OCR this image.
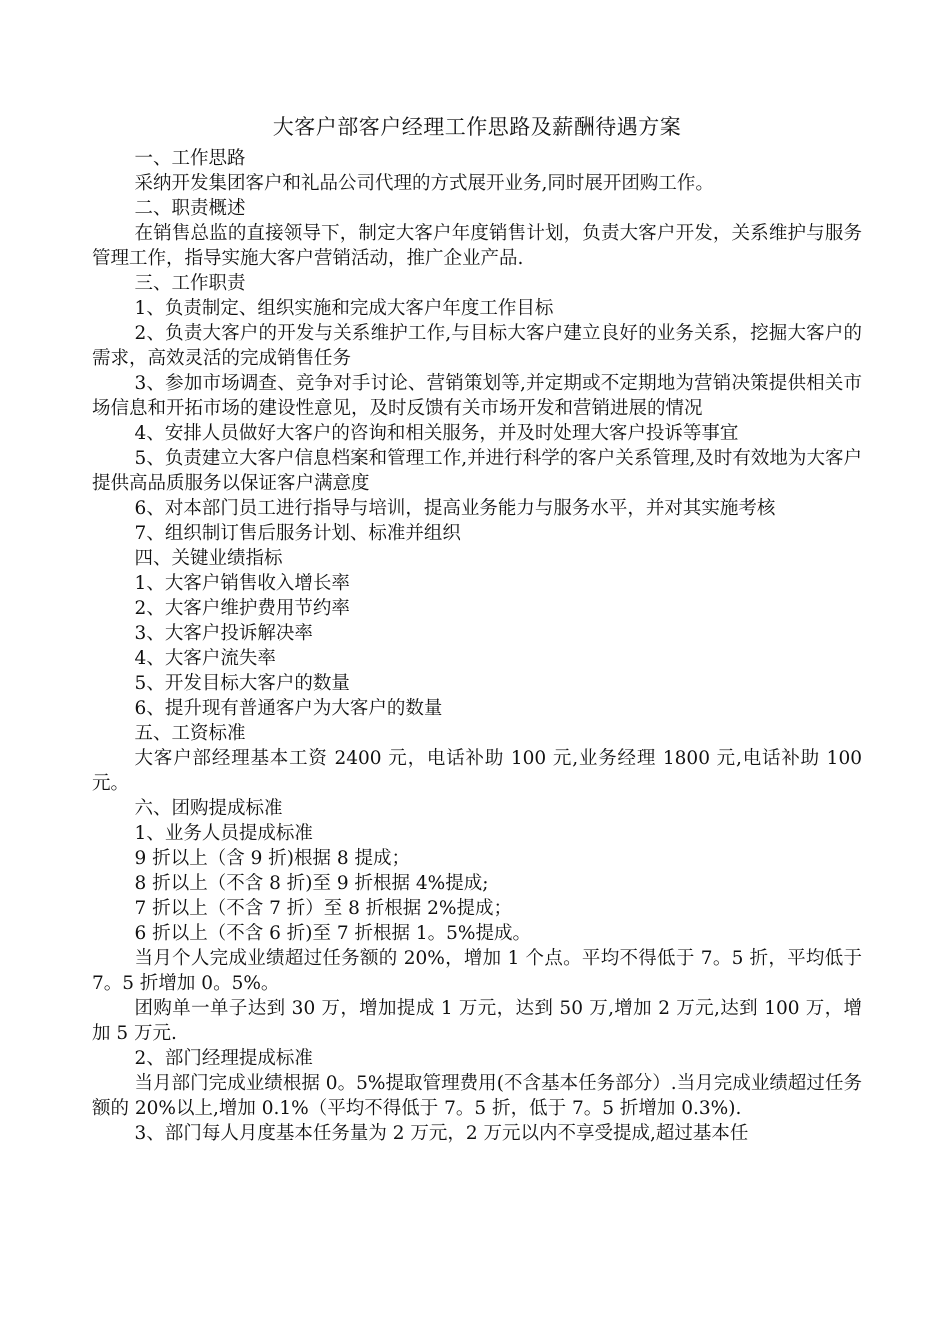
大客户部客户经理工作思路及薪酬待遇方案

一、工作思路

采纳开发集团客户和礼品公司代理的方式展开业务,同时展开团购工作。

二、职责概述

在销售总监的直接领导下，制定大客户年度销售计划，负责大客户开发，关系维护与服务管理工作，指导实施大客户营销活动，推广企业产品.

三、工作职责

1、负责制定、组织实施和完成大客户年度工作目标

2、负责大客户的开发与关系维护工作,与目标大客户建立良好的业务关系，挖掘大客户的需求，高效灵活的完成销售任务

3、参加市场调查、竞争对手讨论、营销策划等,并定期或不定期地为营销决策提供相关市场信息和开拓市场的建设性意见，及时反馈有关市场开发和营销进展的情况

4、安排人员做好大客户的咨询和相关服务，并及时处理大客户投诉等事宜

5、负责建立大客户信息档案和管理工作,并进行科学的客户关系管理,及时有效地为大客户提供高品质服务以保证客户满意度

6、对本部门员工进行指导与培训，提高业务能力与服务水平，并对其实施考核

7、组织制订售后服务计划、标准并组织

四、关键业绩指标

1、大客户销售收入增长率

2、大客户维护费用节约率

3、大客户投诉解决率

4、大客户流失率

5、开发目标大客户的数量

6、提升现有普通客户为大客户的数量

五、工资标准

大客户部经理基本工资 2400 元，电话补助 100 元,业务经理 1800 元,电话补助 100 元。

六、团购提成标准

1、业务人员提成标准

9 折以上（含 9 折)根据 8 提成；

8 折以上（不含 8 折)至 9 折根据 4%提成;

7 折以上（不含 7 折）至 8 折根据 2%提成；

6 折以上（不含 6 折)至 7 折根据 1。5%提成。

当月个人完成业绩超过任务额的 20%，增加 1 个点。平均不得低于 7。5 折，平均低于 7。5 折增加 0。5%。

团购单一单子达到 30 万，增加提成 1 万元，达到 50 万,增加 2 万元,达到 100 万，增加 5 万元.

2、部门经理提成标准

当月部门完成业绩根据 0。5%提取管理费用(不含基本任务部分）.当月完成业绩超过任务额的 20%以上,增加 0.1%（平均不得低于 7。5 折，低于 7。5 折增加 0.3%).

3、部门每人月度基本任务量为 2 万元，2 万元以内不享受提成,超过基本任
